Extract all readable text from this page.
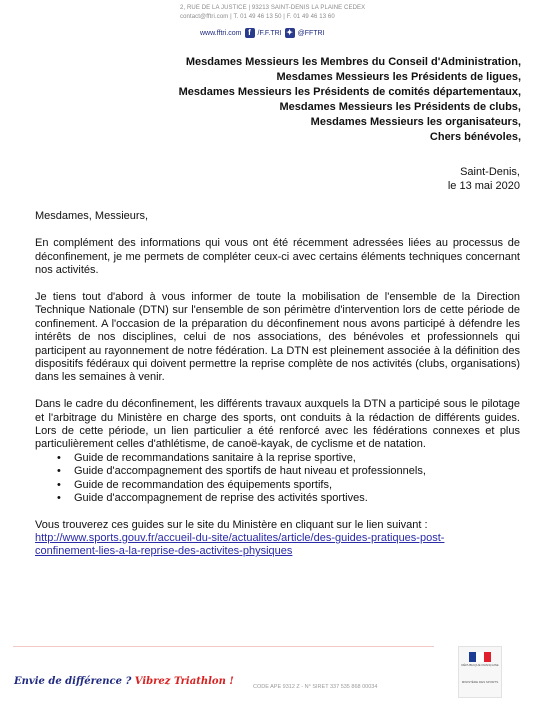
2, RUE DE LA JUSTICE | 93213 SAINT-DENIS LA PLAINE CEDEX
contact@fftri.com | T. 01 49 46 13 50 | F. 01 49 46 13 60
www.fftri.com f /F.F.TRI ✦ @FFTRI
Mesdames Messieurs les Membres du Conseil d'Administration,
Mesdames Messieurs les Présidents de ligues,
Mesdames Messieurs les Présidents de comités départementaux,
Mesdames Messieurs les Présidents de clubs,
Mesdames Messieurs les organisateurs,
Chers bénévoles,
Saint-Denis,
le 13 mai 2020

Mesdames, Messieurs,

En complément des informations qui vous ont été récemment adressées liées au processus de déconfinement, je me permets de compléter ceux-ci avec certains éléments techniques concernant nos activités.

Je tiens tout d'abord à vous informer de toute la mobilisation de l'ensemble de la Direction Technique Nationale (DTN) sur l'ensemble de son périmètre d'intervention lors de cette période de confinement. A l'occasion de la préparation du déconfinement nous avons participé à défendre les intérêts de nos disciplines, celui de nos associations, des bénévoles et professionnels qui participent au rayonnement de notre fédération. La DTN est pleinement associée à la définition des dispositifs fédéraux qui doivent permettre la reprise complète de nos activités (clubs, organisations) dans les semaines à venir.

Dans le cadre du déconfinement, les différents travaux auxquels la DTN a participé sous le pilotage et l'arbitrage du Ministère en charge des sports, ont conduits à la rédaction de différents guides. Lors de cette période, un lien particulier a été renforcé avec les fédérations connexes et plus particulièrement celles d'athlétisme, de canoë-kayak, de cyclisme et de natation.

• Guide de recommandations sanitaire à la reprise sportive,
• Guide d'accompagnement des sportifs de haut niveau et professionnels,
• Guide de recommandation des équipements sportifs,
• Guide d'accompagnement de reprise des activités sportives.

Vous trouverez ces guides sur le site du Ministère en cliquant sur le lien suivant :
http://www.sports.gouv.fr/accueil-du-site/actualites/article/des-guides-pratiques-post-
confinement-lies-a-la-reprise-des-activites-physiques

Envie de différence ? Vibrez Triathlon !	CODE APE 9312 Z - N° SIRET 337 535 868 00034
RÉPUBLIQUE FRANÇAISE
MINISTÈRE DES SPORTS
